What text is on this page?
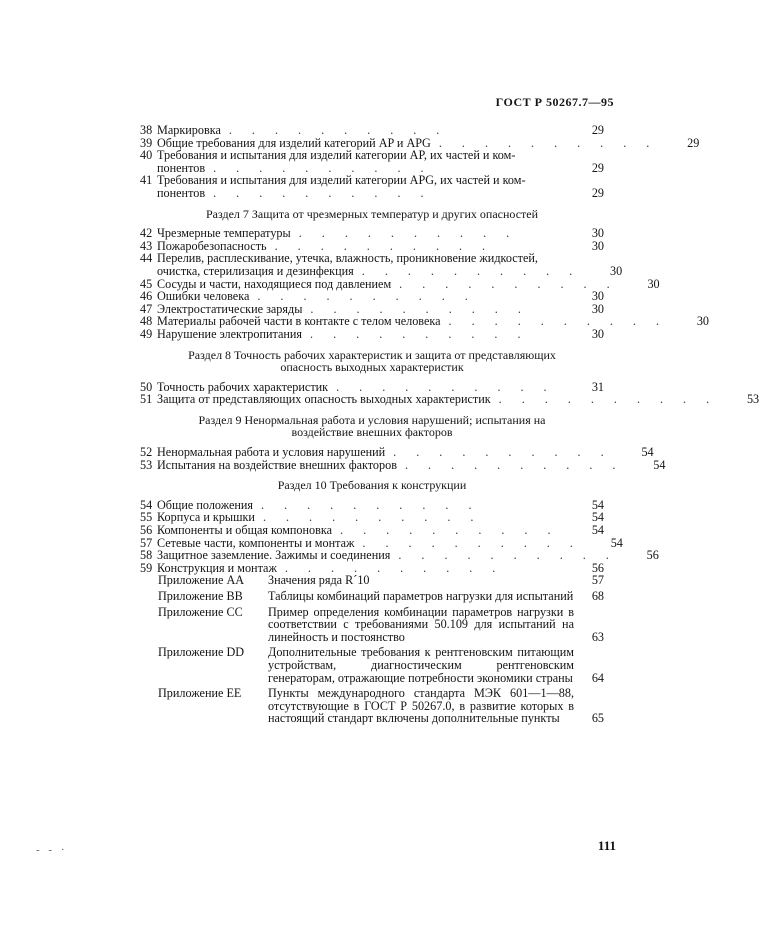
ГОСТ Р 50267.7—95
38 Маркировка ..........	29
39 Общие требования для изделий категорий AP и APG ..........	29
40 Требования и испытания для изделий категории AP, их частей и ком-
понентов ..........	29
41 Требования и испытания для изделий категории APG, их частей и ком-
понентов ..........	29
Раздел 7 Защита от чрезмерных температур и других опасностей
42 Чрезмерные температуры ..........	30
43 Пожаробезопасность ..........	30
44 Перелив, расплескивание, утечка, влажность, проникновение жидкостей,
очистка, стерилизация и дезинфекция ..........	30
45 Сосуды и части, находящиеся под давлением ..........	30
46 Ошибки человека ..........	30
47 Электростатические заряды ..........	30
48 Материалы рабочей части в контакте с телом человека ..........	30
49 Нарушение электропитания ..........	30
Раздел 8 Точность рабочих характеристик и защита от представляющих
опасность выходных характеристик
50 Точность рабочих характеристик ..........	31
51 Защита от представляющих опасность выходных характеристик ..........	53
Раздел 9 Ненормальная работа и условия нарушений; испытания на
воздействие внешних факторов
52 Ненормальная работа и условия нарушений ..........	54
53 Испытания на воздействие внешних факторов ..........	54
Раздел 10 Требования к конструкции
54 Общие положения ..........	54
55 Корпуса и крышки ..........	54
56 Компоненты и общая компоновка ..........	54
57 Сетевые части, компоненты и монтаж ..........	54
58 Защитное заземление. Зажимы и соединения ..........	56
59 Конструкция и монтаж ..........	56
Приложение AA	Значения ряда R´10	57
Приложение BB	Таблицы комбинаций параметров нагрузки для испытаний	68
Приложение CC	Пример определения комбинации параметров нагрузки в соответствии с требованиями 50.109 для испытаний на линейность и постоянство	63
Приложение DD	Дополнительные требования к рентгеновским питающим устройствам, диагностическим рентгеновским генераторам, отражающие потребности экономики страны	64
Приложение EE	Пункты международного стандарта МЭК 601—1—88, отсутствующие в ГОСТ Р 50267.0, в развитие которых в настоящий стандарт включены дополнительные пункты	65
- - ·	111
